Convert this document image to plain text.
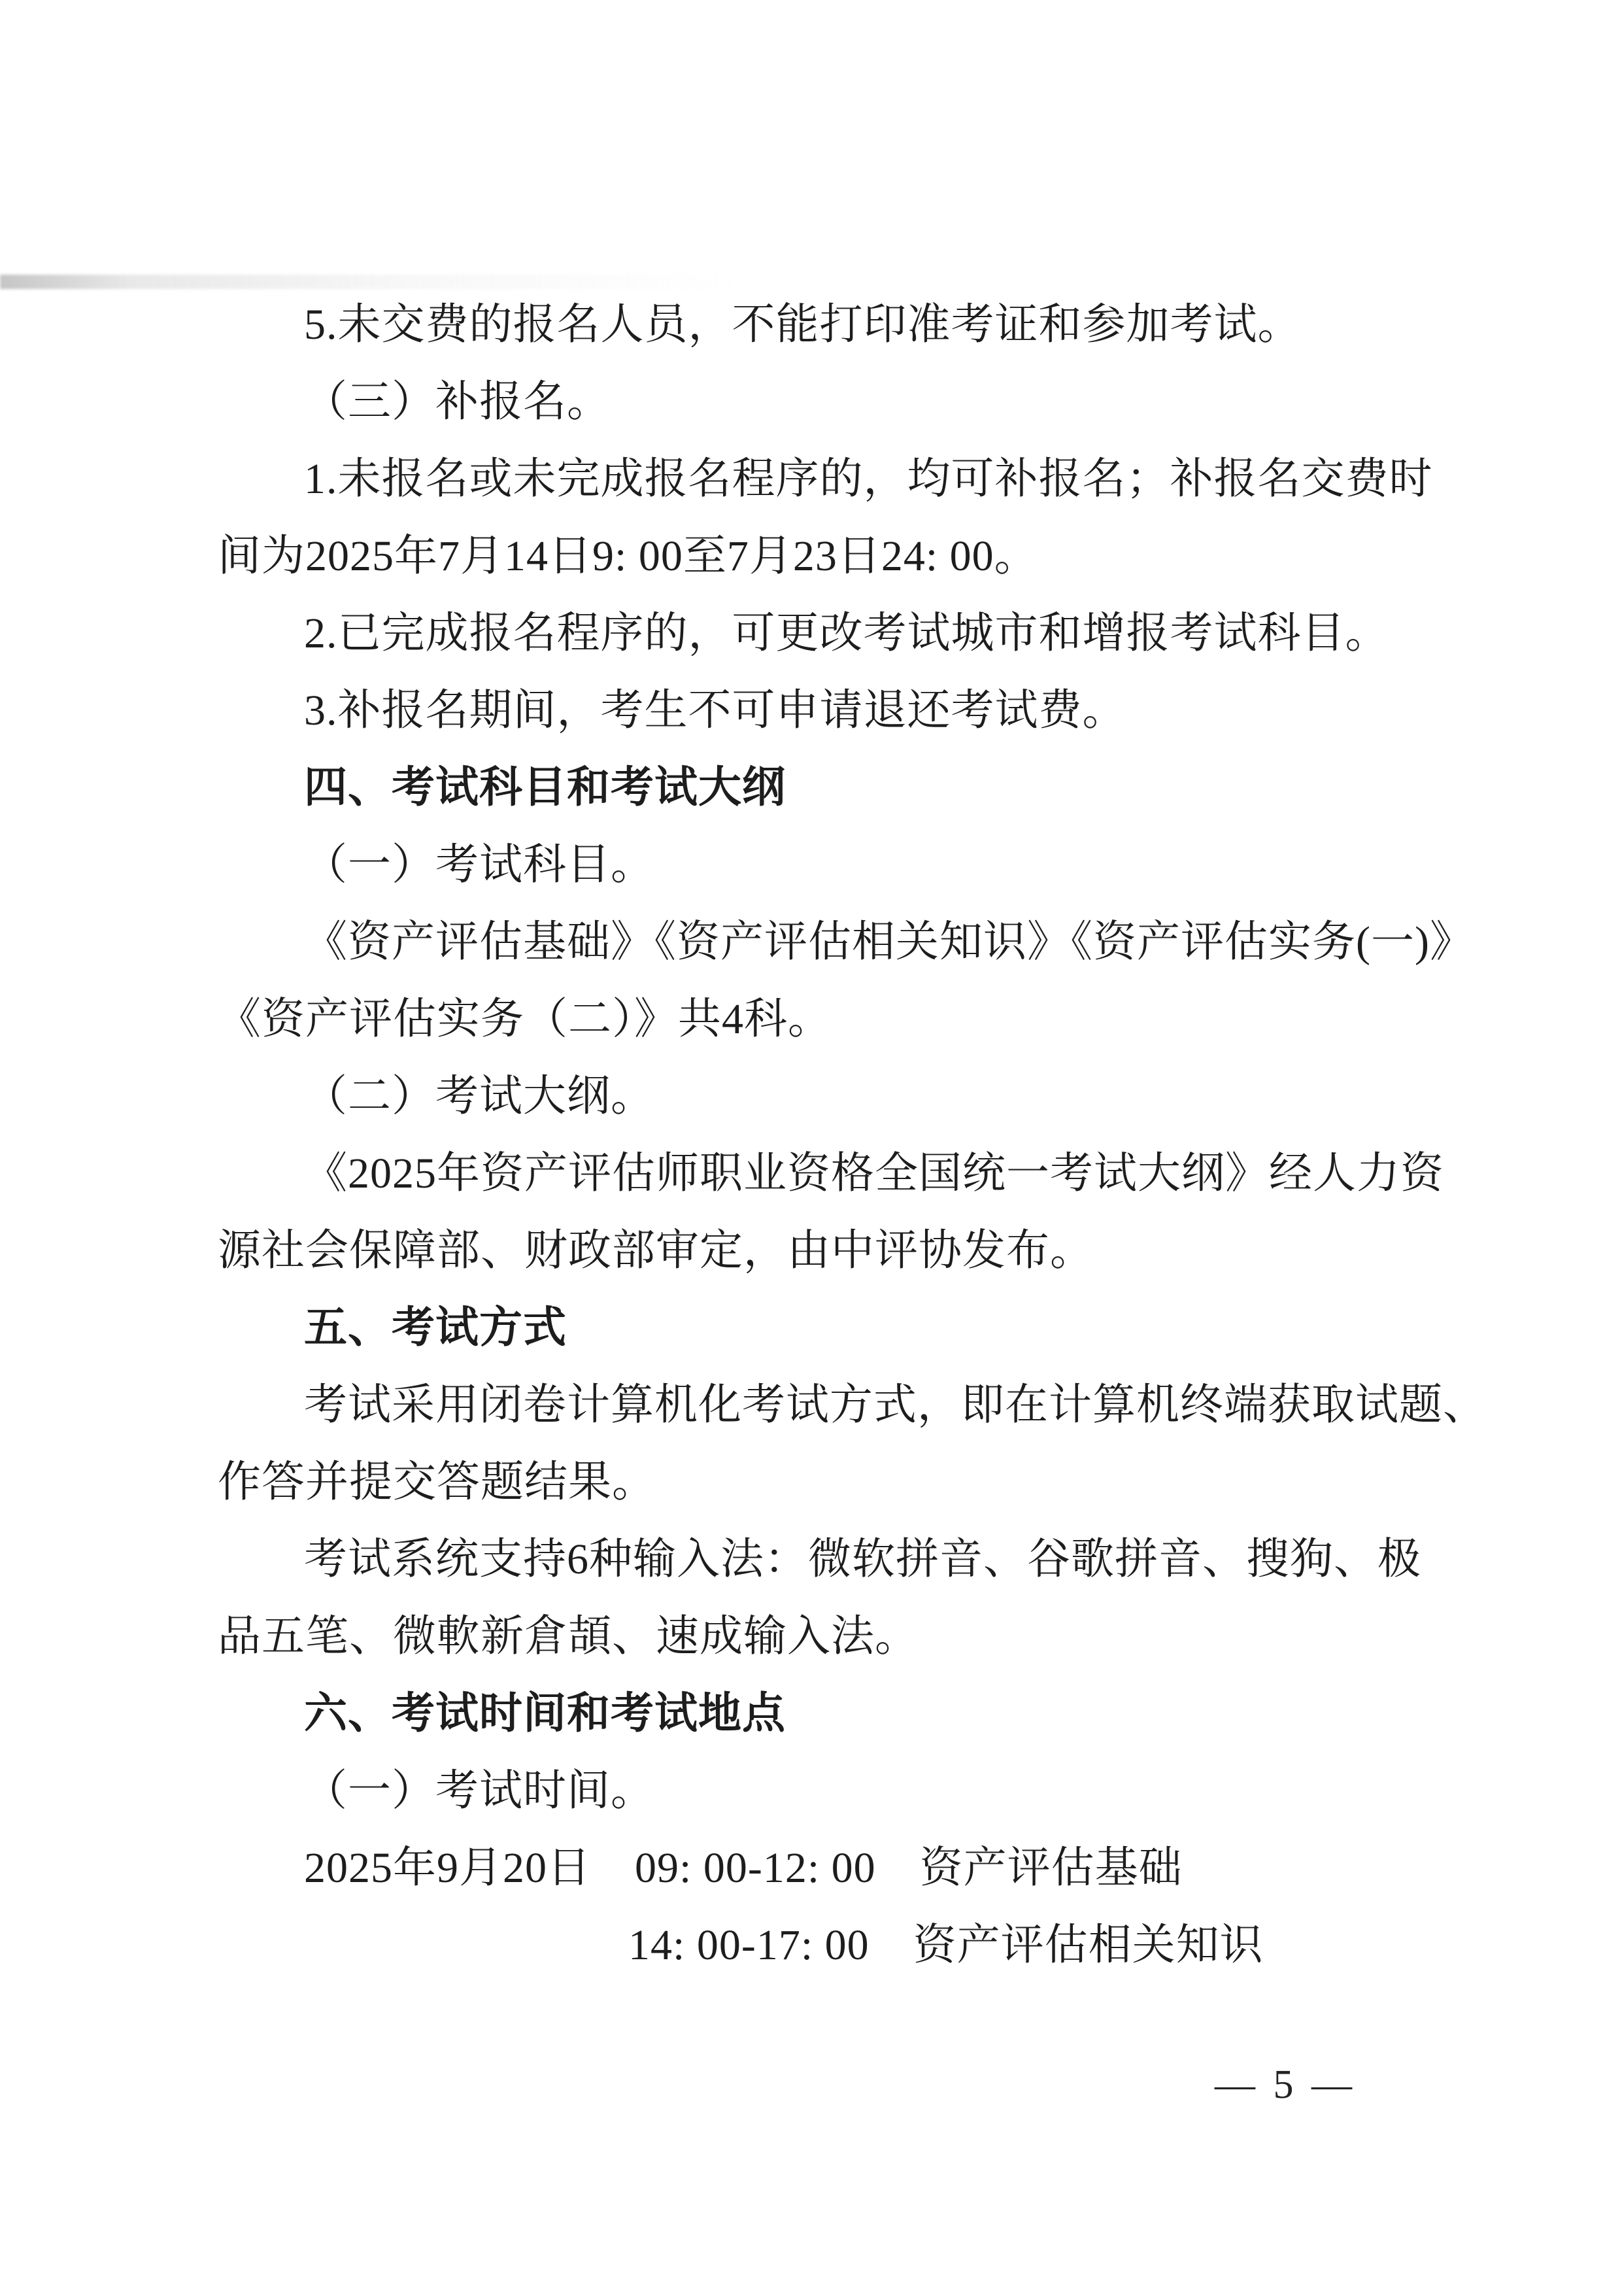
5.未交费的报名人员，不能打印准考证和参加考试。
（三）补报名。
1.未报名或未完成报名程序的，均可补报名；补报名交费时
间为2025年7月14日9: 00至7月23日24: 00。
2.已完成报名程序的，可更改考试城市和增报考试科目。
3.补报名期间，考生不可申请退还考试费。
四、考试科目和考试大纲
（一）考试科目。
《资产评估基础》《资产评估相关知识》《资产评估实务(一)》
《资产评估实务（二）》共4科。
（二）考试大纲。
《2025年资产评估师职业资格全国统一考试大纲》经人力资
源社会保障部、财政部审定，由中评协发布。
五、考试方式
考试采用闭卷计算机化考试方式，即在计算机终端获取试题、
作答并提交答题结果。
考试系统支持6种输入法：微软拼音、谷歌拼音、搜狗、极
品五笔、微軟新倉頡、速成输入法。
六、考试时间和考试地点
（一）考试时间。
2025年9月20日　09: 00-12: 00　资产评估基础
14: 00-17: 00　资产评估相关知识
— 5 —
